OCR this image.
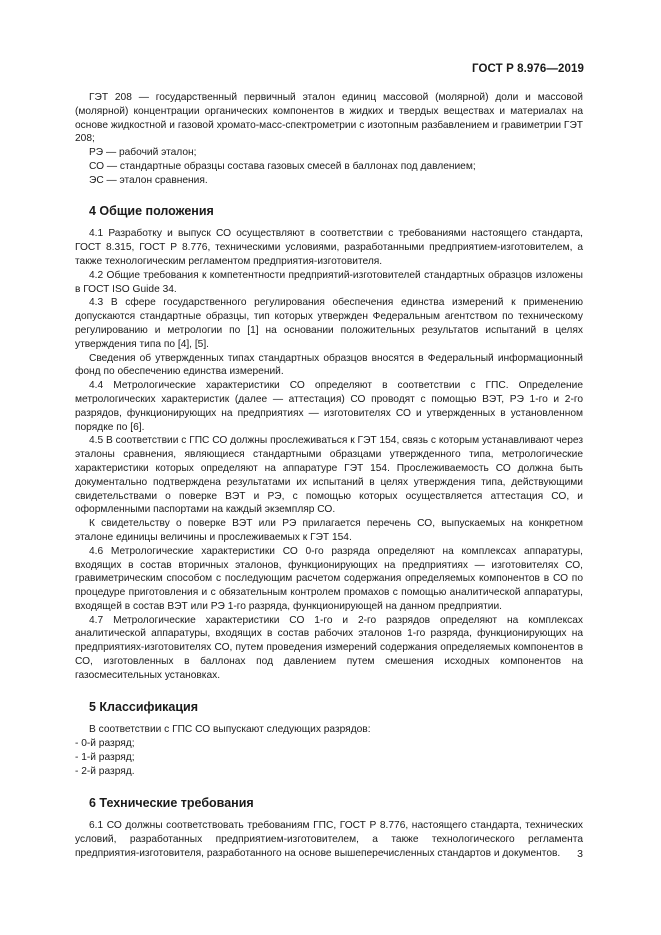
ГОСТ Р 8.976—2019

ГЭТ 208 — государственный первичный эталон единиц массовой (молярной) доли и массовой (молярной) концентрации органических компонентов в жидких и твердых веществах и материалах на основе жидкостной и газовой хромато-масс-спектрометрии с изотопным разбавлением и гравиметрии ГЭТ 208;

РЭ — рабочий эталон;

СО — стандартные образцы состава газовых смесей в баллонах под давлением;

ЭС — эталон сравнения.

4 Общие положения

4.1 Разработку и выпуск СО осуществляют в соответствии с требованиями настоящего стандарта, ГОСТ 8.315, ГОСТ Р 8.776, техническими условиями, разработанными предприятием-изготовителем, а также технологическим регламентом предприятия-изготовителя.

4.2 Общие требования к компетентности предприятий-изготовителей стандартных образцов изложены в ГОСТ ISO Guide 34.

4.3 В сфере государственного регулирования обеспечения единства измерений к применению допускаются стандартные образцы, тип которых утвержден Федеральным агентством по техническому регулированию и метрологии по [1] на основании положительных результатов испытаний в целях утверждения типа по [4], [5].

Сведения об утвержденных типах стандартных образцов вносятся в Федеральный информационный фонд по обеспечению единства измерений.

4.4 Метрологические характеристики СО определяют в соответствии с ГПС. Определение метрологических характеристик (далее — аттестация) СО проводят с помощью ВЭТ, РЭ 1-го и 2-го разрядов, функционирующих на предприятиях — изготовителях СО и утвержденных в установленном порядке по [6].

4.5 В соответствии с ГПС СО должны прослеживаться к ГЭТ 154, связь с которым устанавливают через эталоны сравнения, являющиеся стандартными образцами утвержденного типа, метрологические характеристики которых определяют на аппаратуре ГЭТ 154. Прослеживаемость СО должна быть документально подтверждена результатами их испытаний в целях утверждения типа, действующими свидетельствами о поверке ВЭТ и РЭ, с помощью которых осуществляется аттестация СО, и оформленными паспортами на каждый экземпляр СО.

К свидетельству о поверке ВЭТ или РЭ прилагается перечень СО, выпускаемых на конкретном эталоне единицы величины и прослеживаемых к ГЭТ 154.

4.6 Метрологические характеристики СО 0-го разряда определяют на комплексах аппаратуры, входящих в состав вторичных эталонов, функционирующих на предприятиях — изготовителях СО, гравиметрическим способом с последующим расчетом содержания определяемых компонентов в СО по процедуре приготовления и с обязательным контролем промахов с помощью аналитической аппаратуры, входящей в состав ВЭТ или РЭ 1-го разряда, функционирующей на данном предприятии.

4.7 Метрологические характеристики СО 1-го и 2-го разрядов определяют на комплексах аналитической аппаратуры, входящих в состав рабочих эталонов 1-го разряда, функционирующих на предприятиях-изготовителях СО, путем проведения измерений содержания определяемых компонентов в СО, изготовленных в баллонах под давлением путем смешения исходных компонентов на газосмесительных установках.

5 Классификация

В соответствии с ГПС СО выпускают следующих разрядов:

- 0-й разряд;

- 1-й разряд;

- 2-й разряд.

6 Технические требования

6.1 СО должны соответствовать требованиям ГПС, ГОСТ Р 8.776, настоящего стандарта, технических условий, разработанных предприятием-изготовителем, а также технологического регламента предприятия-изготовителя, разработанного на основе вышеперечисленных стандартов и документов.	3
